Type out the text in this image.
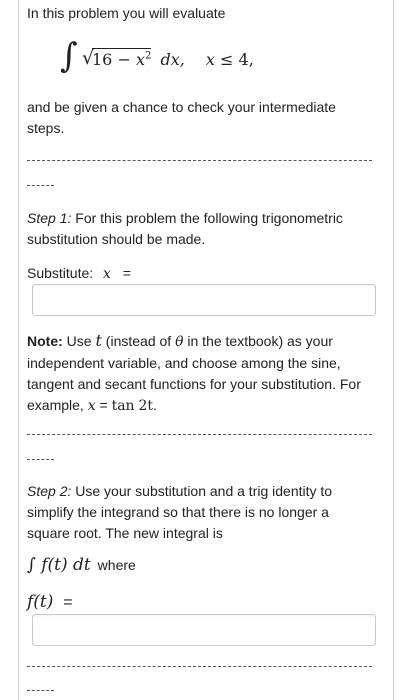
In this problem you will evaluate
∫ √
$16 - x^2$ dx, x ≤ 4,
and be given a chance to check your intermediate steps.
Step 1: For this problem the following trigonometric substitution should be made.
Substitute: x =
Note: Use t (instead of θ in the textbook) as your independent variable, and choose among the sine, tangent and secant functions for your substitution. For example, x = tan 2t.
Step 2: Use your substitution and a trig identity to simplify the integrand so that there is no longer a square root. The new integral is
∫ f(t) dt where
f(t) =
